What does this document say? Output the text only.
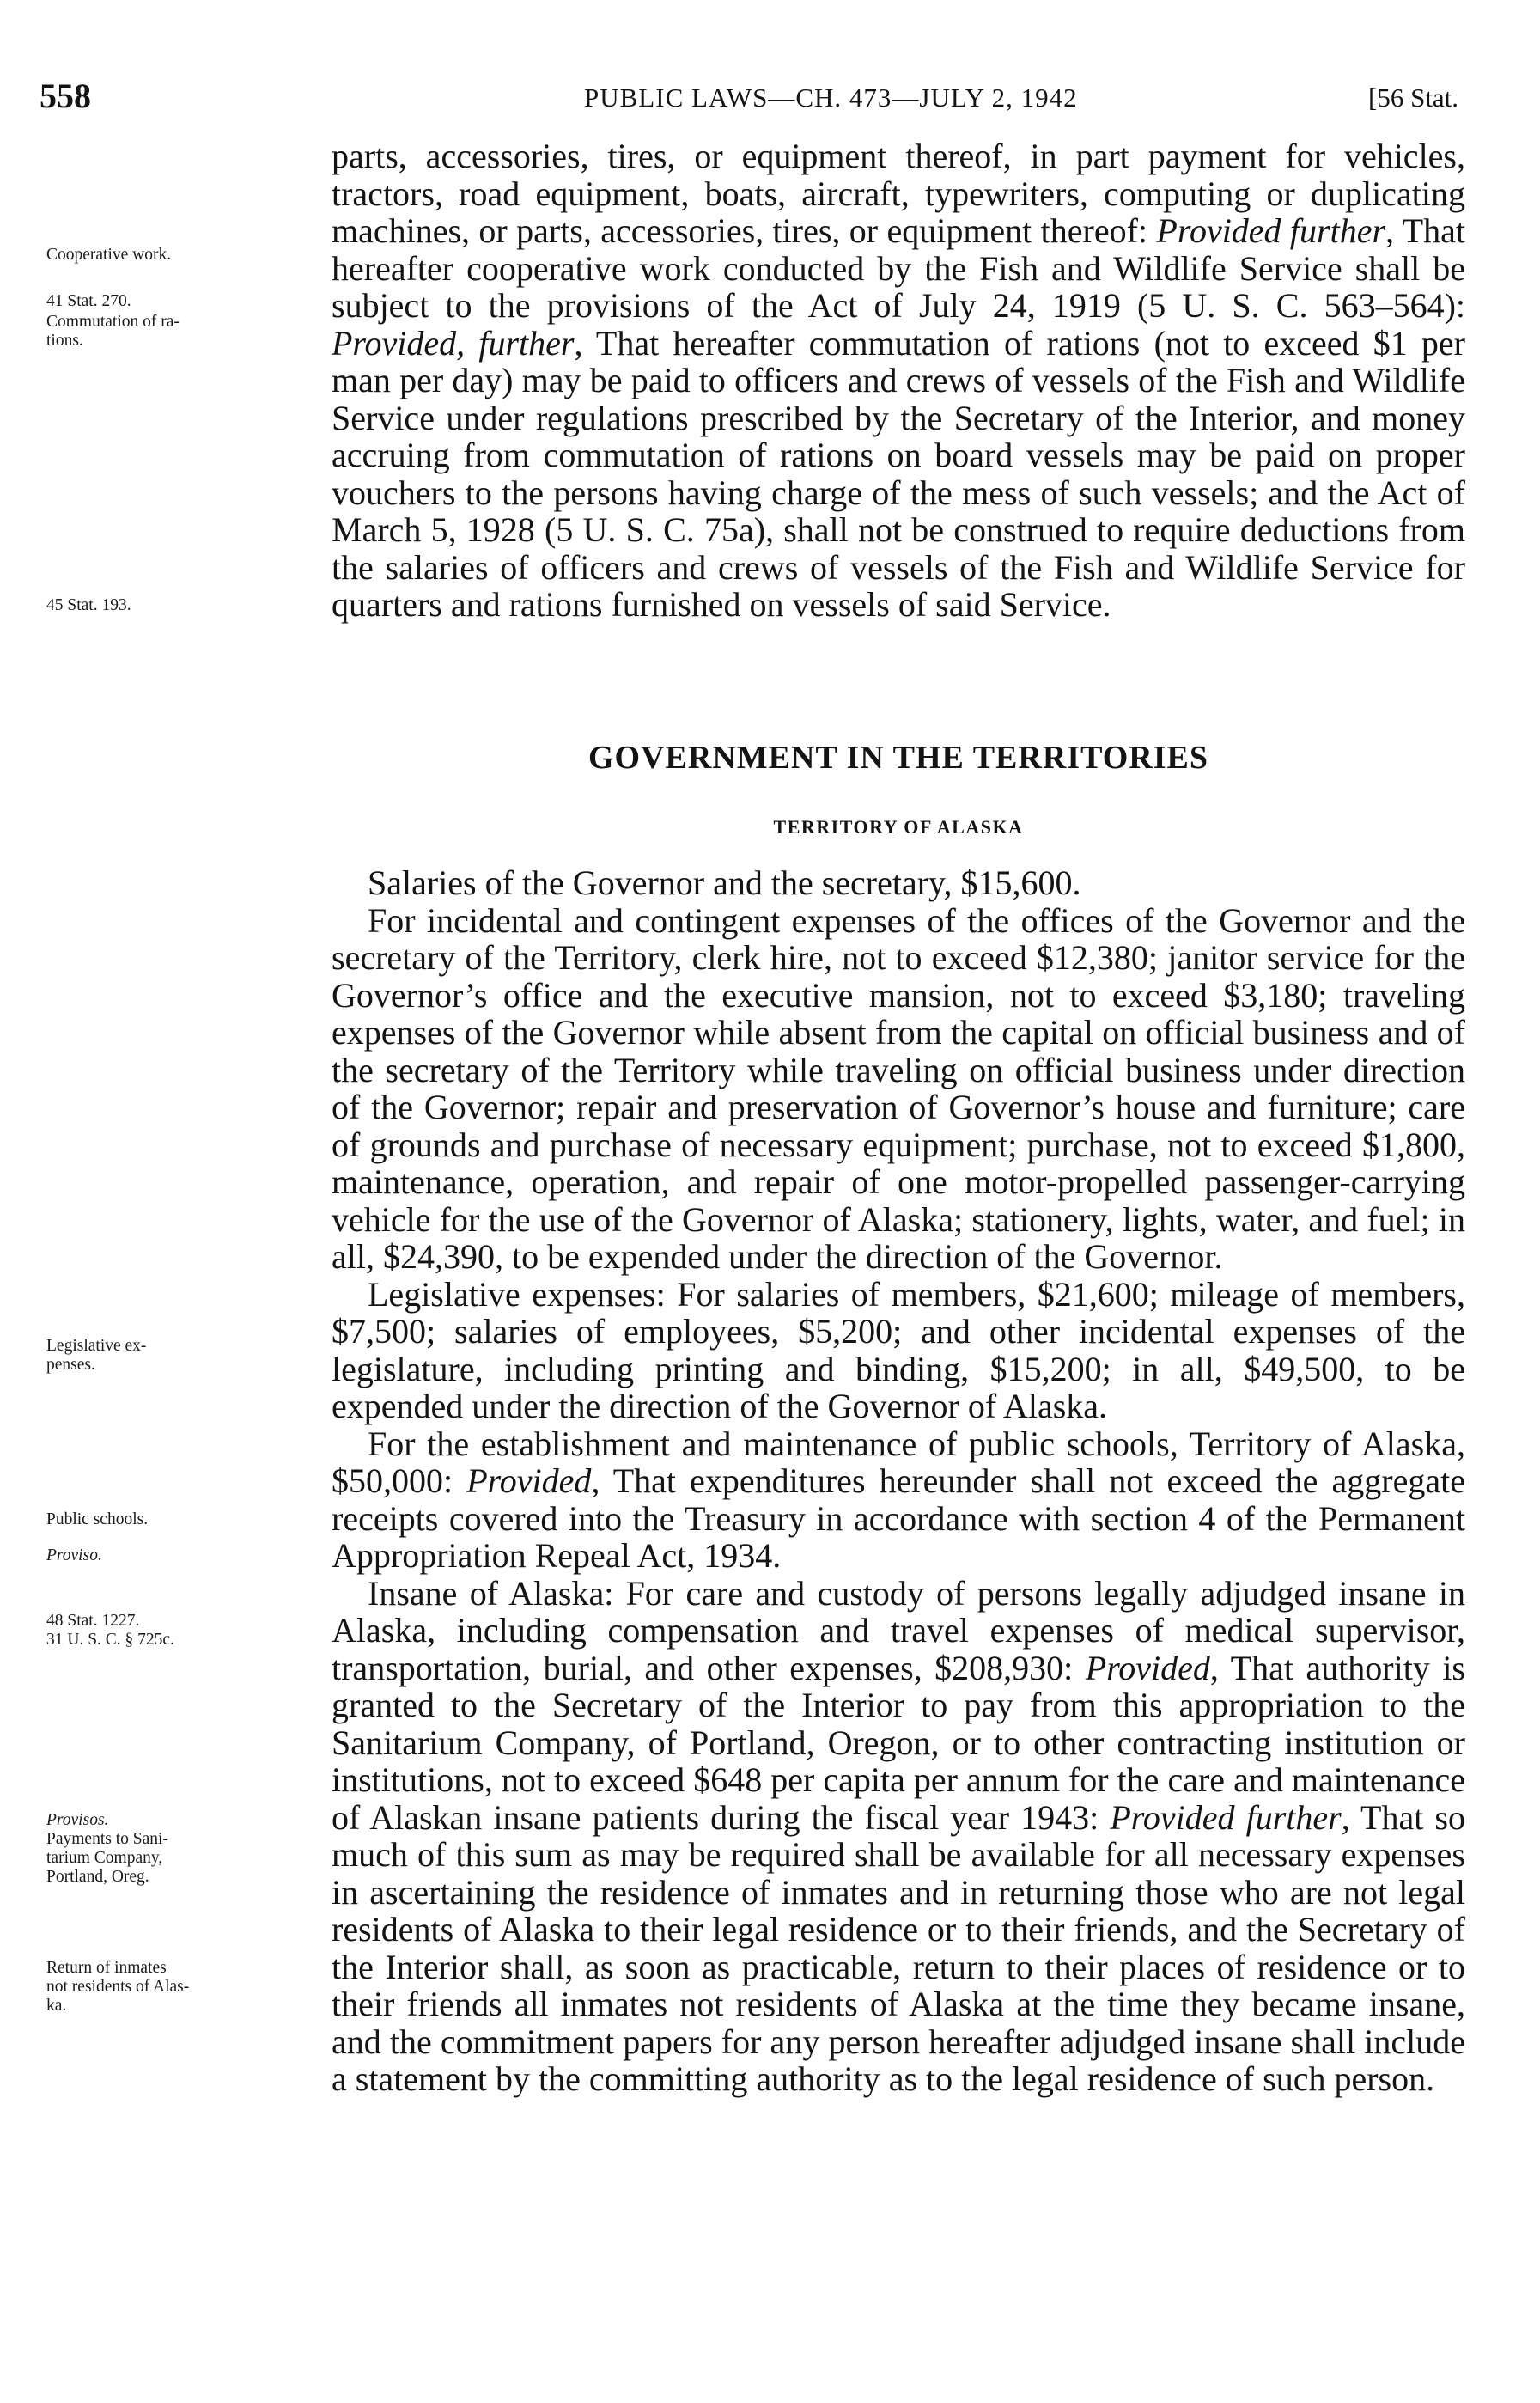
558	PUBLIC LAWS—CH. 473—JULY 2, 1942	[56 Stat.
Cooperative work.
41 Stat. 270.
Commutation of ra-
tions.
45 Stat. 193.
Legislative ex-
penses.
Public schools.
Proviso.
48 Stat. 1227.
31 U. S. C. § 725c.
Provisos.
Payments to Sani-
tarium Company,
Portland, Oreg.
Return of inmates
not residents of Alas-
ka.

parts, accessories, tires, or equipment thereof, in part payment for vehicles, tractors, road equipment, boats, aircraft, typewriters, computing or duplicating machines, or parts, accessories, tires, or equipment thereof: Provided further, That hereafter cooperative work conducted by the Fish and Wildlife Service shall be subject to the provisions of the Act of July 24, 1919 (5 U. S. C. 563–564): Provided, further, That hereafter commutation of rations (not to exceed $1 per man per day) may be paid to officers and crews of vessels of the Fish and Wildlife Service under regulations prescribed by the Secretary of the Interior, and money accruing from commutation of rations on board vessels may be paid on proper vouchers to the persons having charge of the mess of such vessels; and the Act of March 5, 1928 (5 U. S. C. 75a), shall not be construed to require deductions from the salaries of officers and crews of vessels of the Fish and Wildlife Service for quarters and rations furnished on vessels of said Service.

GOVERNMENT IN THE TERRITORIES
TERRITORY OF ALASKA

Salaries of the Governor and the secretary, $15,600.

For incidental and contingent expenses of the offices of the Governor and the secretary of the Territory, clerk hire, not to exceed $12,380; janitor service for the Governor’s office and the executive mansion, not to exceed $3,180; traveling expenses of the Governor while absent from the capital on official business and of the secretary of the Territory while traveling on official business under direction of the Governor; repair and preservation of Governor’s house and furniture; care of grounds and purchase of necessary equipment; purchase, not to exceed $1,800, maintenance, operation, and repair of one motor-propelled passenger-carrying vehicle for the use of the Governor of Alaska; stationery, lights, water, and fuel; in all, $24,390, to be expended under the direction of the Governor.

Legislative expenses: For salaries of members, $21,600; mileage of members, $7,500; salaries of employees, $5,200; and other incidental expenses of the legislature, including printing and binding, $15,200; in all, $49,500, to be expended under the direction of the Governor of Alaska.

For the establishment and maintenance of public schools, Territory of Alaska, $50,000: Provided, That expenditures hereunder shall not exceed the aggregate receipts covered into the Treasury in accordance with section 4 of the Permanent Appropriation Repeal Act, 1934.

Insane of Alaska: For care and custody of persons legally adjudged insane in Alaska, including compensation and travel expenses of medical supervisor, transportation, burial, and other expenses, $208,930: Provided, That authority is granted to the Secretary of the Interior to pay from this appropriation to the Sanitarium Company, of Portland, Oregon, or to other contracting institution or institutions, not to exceed $648 per capita per annum for the care and maintenance of Alaskan insane patients during the fiscal year 1943: Provided further, That so much of this sum as may be required shall be available for all necessary expenses in ascertaining the residence of inmates and in returning those who are not legal residents of Alaska to their legal residence or to their friends, and the Secretary of the Interior shall, as soon as practicable, return to their places of residence or to their friends all inmates not residents of Alaska at the time they became insane, and the commitment papers for any person hereafter adjudged insane shall include a statement by the committing authority as to the legal residence of such person.
